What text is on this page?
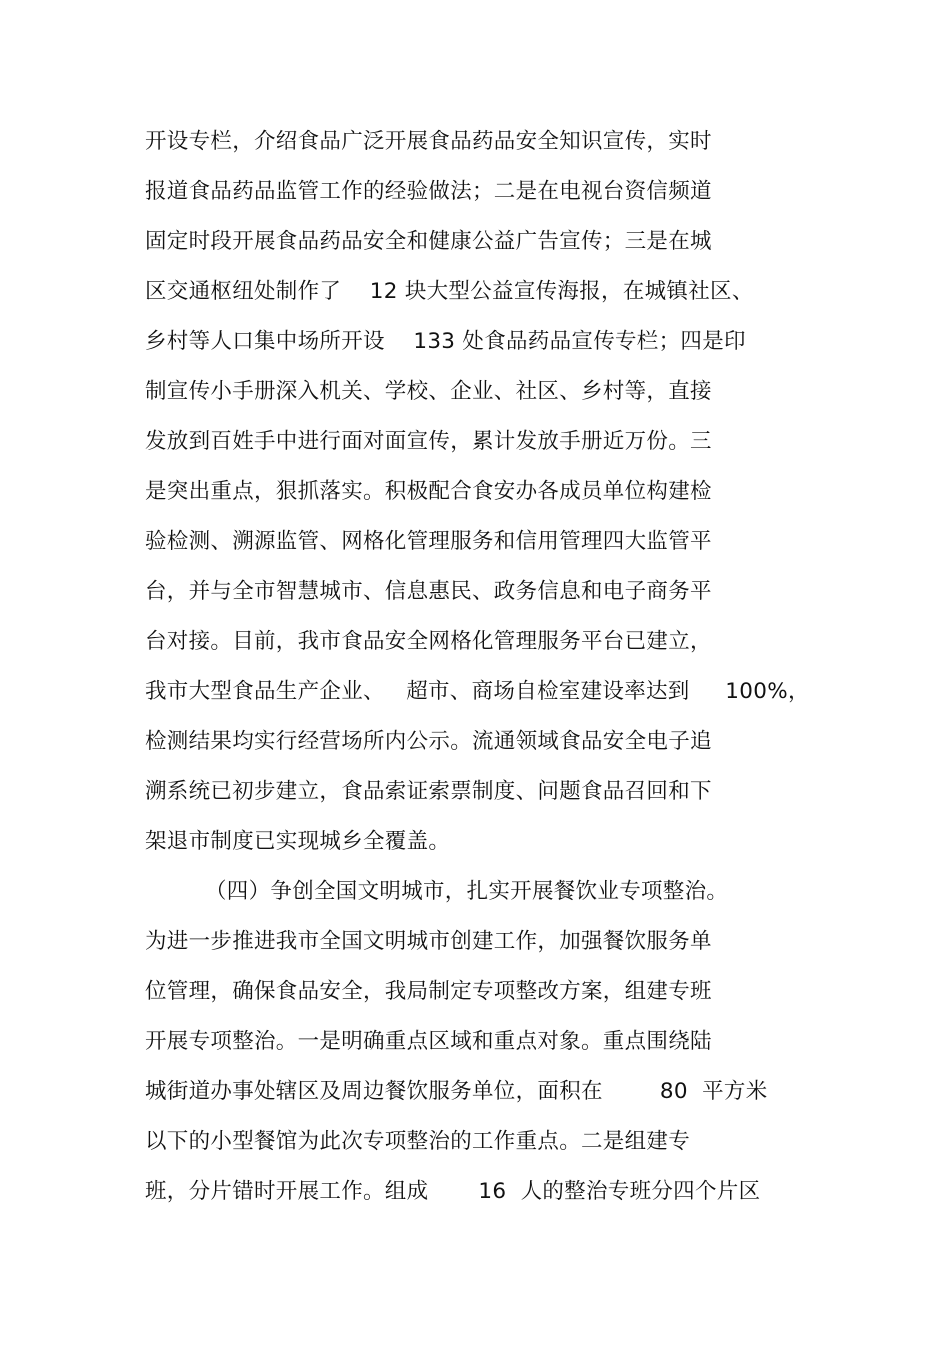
开设专栏，介绍食品广泛开展食品药品安全知识宣传，实时
报道食品药品监管工作的经验做法；二是在电视台资信频道
固定时段开展食品药品安全和健康公益广告宣传；三是在城
区交通枢纽处制作了    12 块大型公益宣传海报，在城镇社区、
乡村等人口集中场所开设    133 处食品药品宣传专栏；四是印
制宣传小手册深入机关、学校、企业、社区、乡村等，直接
发放到百姓手中进行面对面宣传，累计发放手册近万份。三
是突出重点，狠抓落实。积极配合食安办各成员单位构建检
验检测、溯源监管、网格化管理服务和信用管理四大监管平
台，并与全市智慧城市、信息惠民、政务信息和电子商务平
台对接。目前，我市食品安全网格化管理服务平台已建立，
我市大型食品生产企业、   超市、商场自检室建设率达到     100%，
检测结果均实行经营场所内公示。流通领域食品安全电子追
溯系统已初步建立，食品索证索票制度、问题食品召回和下
架退市制度已实现城乡全覆盖。
（四）争创全国文明城市，扎实开展餐饮业专项整治。
为进一步推进我市全国文明城市创建工作，加强餐饮服务单
位管理，确保食品安全，我局制定专项整改方案，组建专班
开展专项整治。一是明确重点区域和重点对象。重点围绕陆
城街道办事处辖区及周边餐饮服务单位，面积在        80  平方米
以下的小型餐馆为此次专项整治的工作重点。二是组建专
班，分片错时开展工作。组成       16  人的整治专班分四个片区
